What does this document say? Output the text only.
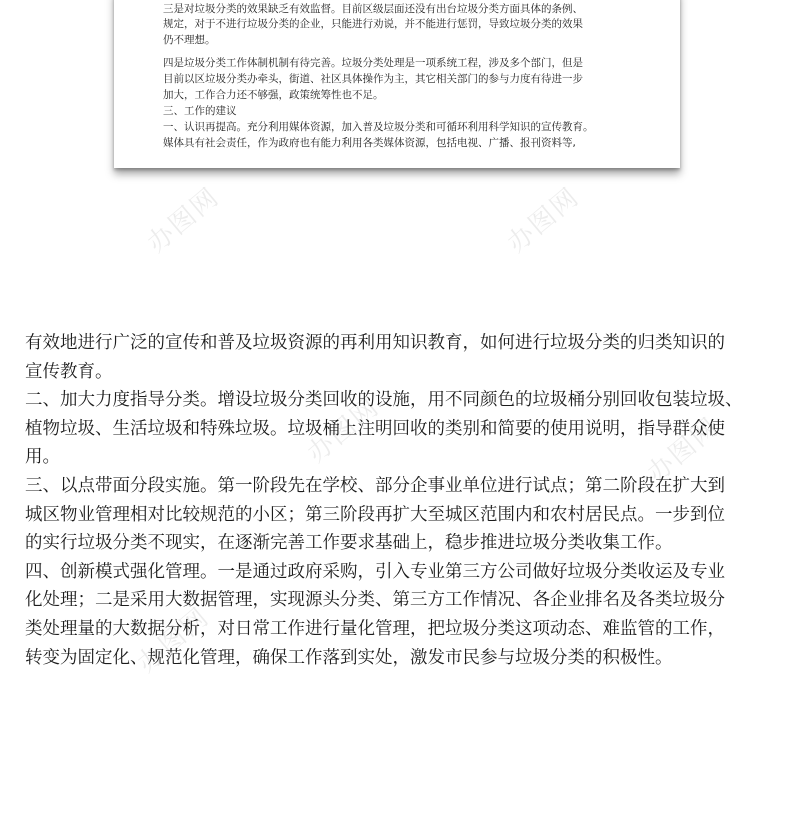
三是对垃圾分类的效果缺乏有效监督。目前区级层面还没有出台垃圾分类方面具体的条例、
规定，对于不进行垃圾分类的企业，只能进行劝说，并不能进行惩罚，导致垃圾分类的效果
仍不理想。
四是垃圾分类工作体制机制有待完善。垃圾分类处理是一项系统工程，涉及多个部门，但是
目前以区垃圾分类办牵头，街道、社区具体操作为主，其它相关部门的参与力度有待进一步
加大，工作合力还不够强，政策统筹性也不足。
三、工作的建议
一、认识再提高。充分利用媒体资源，加入普及垃圾分类和可循环利用科学知识的宣传教育。
媒体具有社会责任，作为政府也有能力利用各类媒体资源，包括电视、广播、报刊资料等,
办图网	办图网
办图网	办图网
办图网
有效地进行广泛的宣传和普及垃圾资源的再利用知识教育，如何进行垃圾分类的归类知识的
宣传教育。
二、加大力度指导分类。增设垃圾分类回收的设施，用不同颜色的垃圾桶分别回收包装垃圾、
植物垃圾、生活垃圾和特殊垃圾。垃圾桶上注明回收的类别和简要的使用说明，指导群众使
用。
三、以点带面分段实施。第一阶段先在学校、部分企事业单位进行试点；第二阶段在扩大到
城区物业管理相对比较规范的小区；第三阶段再扩大至城区范围内和农村居民点。一步到位
的实行垃圾分类不现实，在逐渐完善工作要求基础上，稳步推进垃圾分类收集工作。
四、创新模式强化管理。一是通过政府采购，引入专业第三方公司做好垃圾分类收运及专业
化处理；二是采用大数据管理，实现源头分类、第三方工作情况、各企业排名及各类垃圾分
类处理量的大数据分析，对日常工作进行量化管理，把垃圾分类这项动态、难监管的工作，
转变为固定化、规范化管理，确保工作落到实处，激发市民参与垃圾分类的积极性。
